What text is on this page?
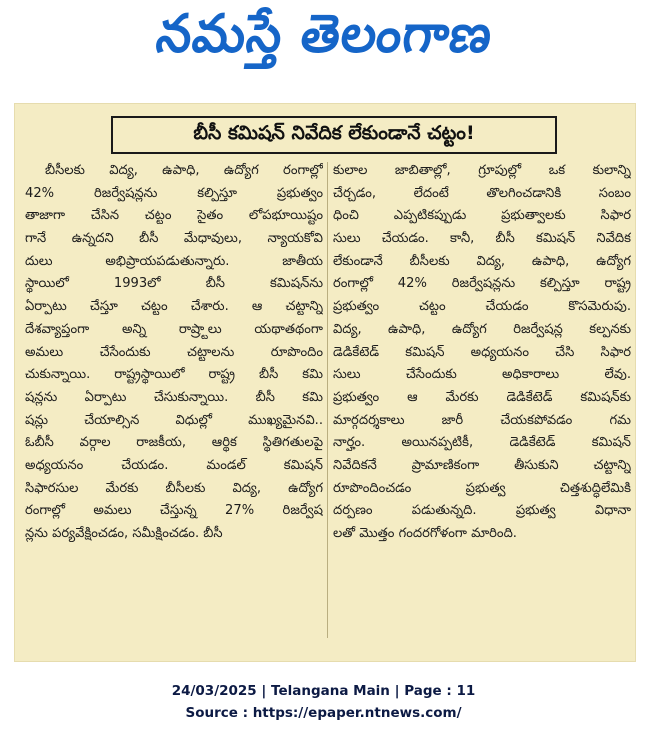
నమస్తే తెలంగాణ
బీసీ కమిషన్ నివేదిక లేకుండానే చట్టం!
బీసీలకు విద్య, ఉపాధి, ఉద్యోగ రంగాల్లో
42% రిజర్వేషన్లను కల్పిస్తూ ప్రభుత్వం
తాజాగా చేసిన చట్టం సైతం లోపభూయిష్టం
గానే ఉన్నదని బీసీ మేధావులు, న్యాయకోవి
దులు అభిప్రాయపడుతున్నారు. జాతీయ
స్థాయిలో 1993లో బీసీ కమిషన్‌ను
ఏర్పాటు చేస్తూ చట్టం చేశారు. ఆ చట్టాన్ని
దేశవ్యాప్తంగా అన్ని రాష్ర్టాలు యథాతథంగా
అమలు చేసేందుకు చట్టాలను రూపొందిం
చుకున్నాయి. రాష్ట్రస్థాయిలో రాష్ట్ర బీసీ కమి
షన్లను ఏర్పాటు చేసుకున్నాయి. బీసీ కమి
షన్లు చేయాల్సిన విధుల్లో ముఖ్యమైనవి..
ఓబీసీ వర్గాల రాజకీయ, ఆర్థిక స్థితిగతులపై
అధ్యయనం చేయడం. మండల్ కమిషన్
సిఫారసుల మేరకు బీసీలకు విద్య, ఉద్యోగ
రంగాల్లో అమలు చేస్తున్న 27% రిజర్వేష
న్లను పర్యవేక్షించడం, సమీక్షించడం. బీసీ
కులాల జాబితాల్లో, గ్రూపుల్లో ఒక కులాన్ని
చేర్చడం, లేదంటే తొలగించడానికి సంబం
ధించి ఎప్పటికప్పుడు ప్రభుత్వాలకు సిఫార
సులు చేయడం. కానీ, బీసీ కమిషన్ నివేదిక
లేకుండానే బీసీలకు విద్య, ఉపాధి, ఉద్యోగ
రంగాల్లో 42% రిజర్వేషన్లను కల్పిస్తూ రాష్ట్ర
ప్రభుత్వం చట్టం చేయడం కొసమెరుపు.
విద్య, ఉపాధి, ఉద్యోగ రిజర్వేషన్ల కల్పనకు
డెడికేటెడ్ కమిషన్ అధ్యయనం చేసి సిఫార
సులు చేసేందుకు అధికారాలు లేవు.
ప్రభుత్వం ఆ మేరకు డెడికేటెడ్ కమిషన్‌కు
మార్గదర్శకాలు జారీ చేయకపోవడం గమ
నార్హం. అయినప్పటికీ, డెడికేటెడ్ కమిషన్
నివేదికనే ప్రామాణికంగా తీసుకుని చట్టాన్ని
రూపొందించడం ప్రభుత్వ చిత్తశుద్ధిలేమికి
దర్పణం పడుతున్నది. ప్రభుత్వ విధానా
లతో మొత్తం గందరగోళంగా మారింది.
24/03/2025 | Telangana Main | Page : 11
Source : https://epaper.ntnews.com/
